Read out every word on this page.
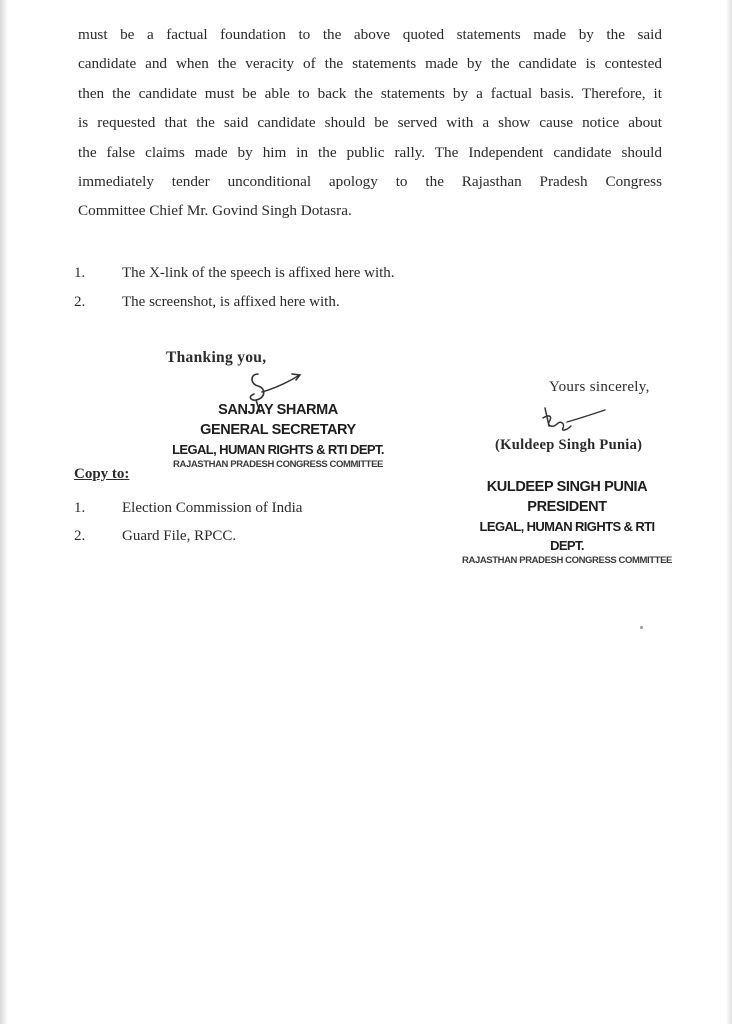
must be a factual foundation to the above quoted statements made by the said
candidate and when the veracity of the statements made by the candidate is contested
then the candidate must be able to back the statements by a factual basis. Therefore, it
is requested that the said candidate should be served with a show cause notice about
the false claims made by him in the public rally. The Independent candidate should
immediately tender unconditional apology to the Rajasthan Pradesh Congress
Committee Chief Mr. Govind Singh Dotasra.
1.	The X-link of the speech is affixed here with.
2.	The screenshot, is affixed here with.
Thanking you,
Yours sincerely,
SANJAY SHARMA
GENERAL SECRETARY
LEGAL, HUMAN RIGHTS & RTI DEPT.
RAJASTHAN PRADESH CONGRESS COMMITTEE
(Kuldeep Singh Punia)
KULDEEP SINGH PUNIA
PRESIDENT
LEGAL, HUMAN RIGHTS & RTI DEPT.
RAJASTHAN PRADESH CONGRESS COMMITTEE
Copy to:
1.	Election Commission of India
2.	Guard File, RPCC.
